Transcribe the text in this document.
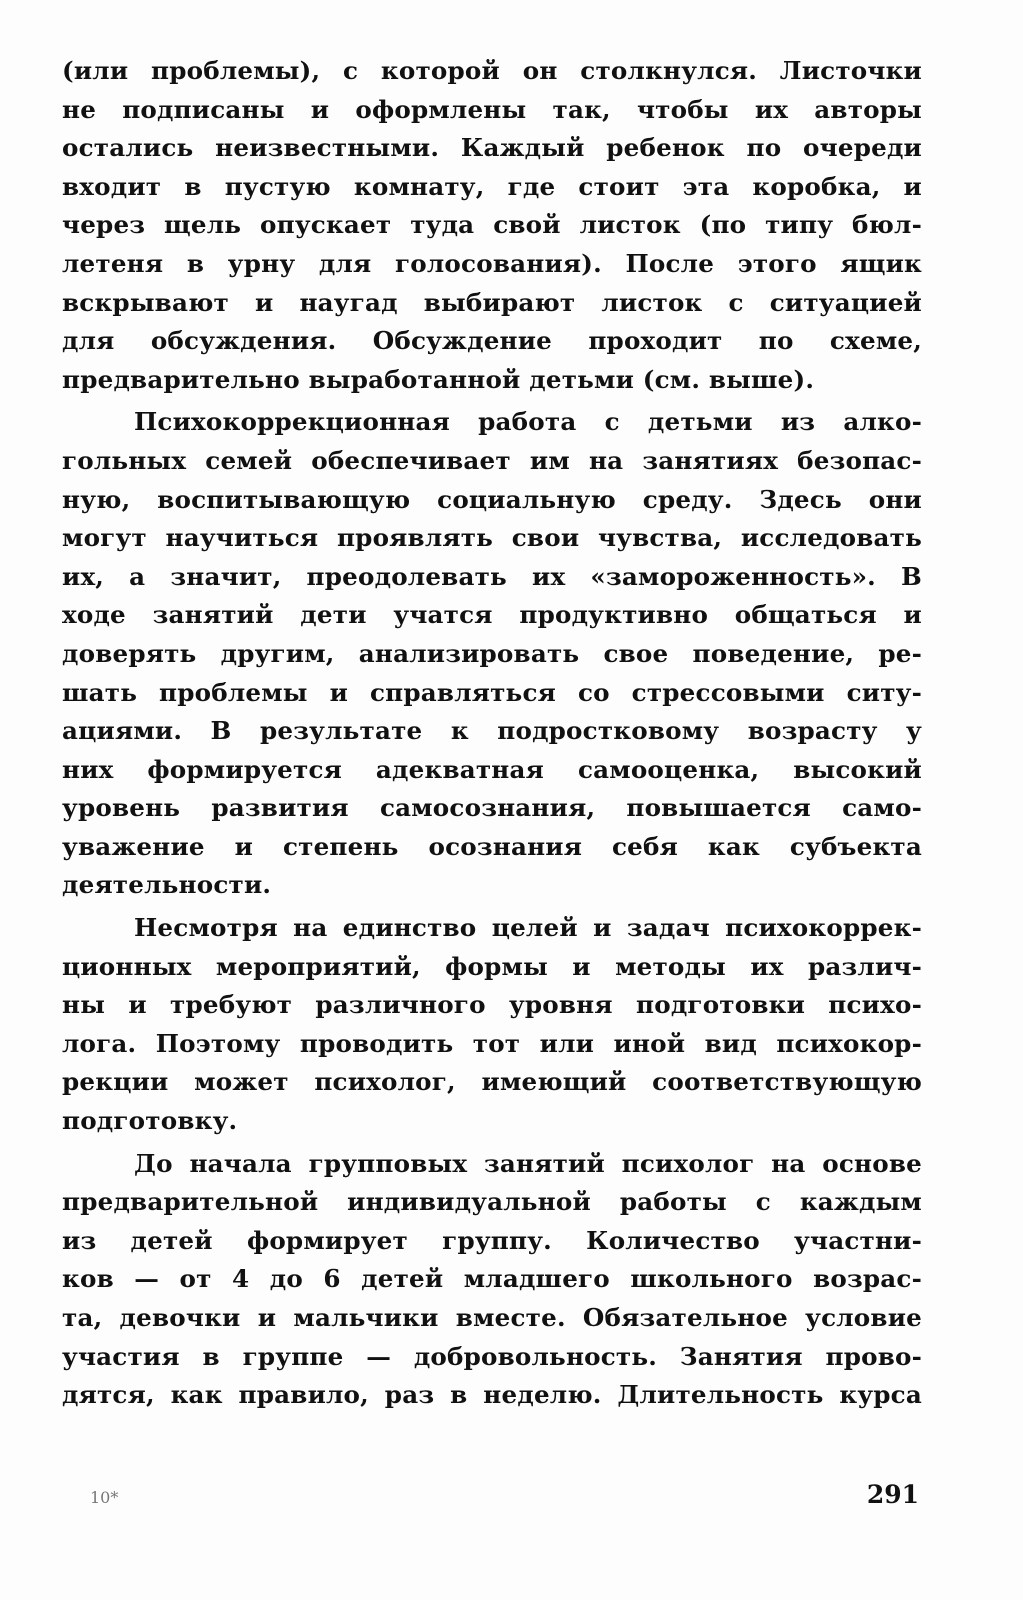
(или проблемы), с которой он столкнулся. Листочки
не подписаны и оформлены так, чтобы их авторы
остались неизвестными. Каждый ребенок по очереди
входит в пустую комнату, где стоит эта коробка, и
через щель опускает туда свой листок (по типу бюл-
летеня в урну для голосования). После этого ящик
вскрывают и наугад выбирают листок с ситуацией
для обсуждения. Обсуждение проходит по схеме,
предварительно выработанной детьми (см. выше).
Психокоррекционная работа с детьми из алко-
гольных семей обеспечивает им на занятиях безопас-
ную, воспитывающую социальную среду. Здесь они
могут научиться проявлять свои чувства, исследовать
их, а значит, преодолевать их «замороженность». В
ходе занятий дети учатся продуктивно общаться и
доверять другим, анализировать свое поведение, ре-
шать проблемы и справляться со стрессовыми ситу-
ациями. В результате к подростковому возрасту у
них формируется адекватная самооценка, высокий
уровень развития самосознания, повышается само-
уважение и степень осознания себя как субъекта
деятельности.
Несмотря на единство целей и задач психокоррек-
ционных мероприятий, формы и методы их различ-
ны и требуют различного уровня подготовки психо-
лога. Поэтому проводить тот или иной вид психокор-
рекции может психолог, имеющий соответствующую
подготовку.
До начала групповых занятий психолог на основе
предварительной индивидуальной работы с каждым
из детей формирует группу. Количество участни-
ков — от 4 до 6 детей младшего школьного возрас-
та, девочки и мальчики вместе. Обязательное условие
участия в группе — добровольность. Занятия прово-
дятся, как правило, раз в неделю. Длительность курса
10*	291
